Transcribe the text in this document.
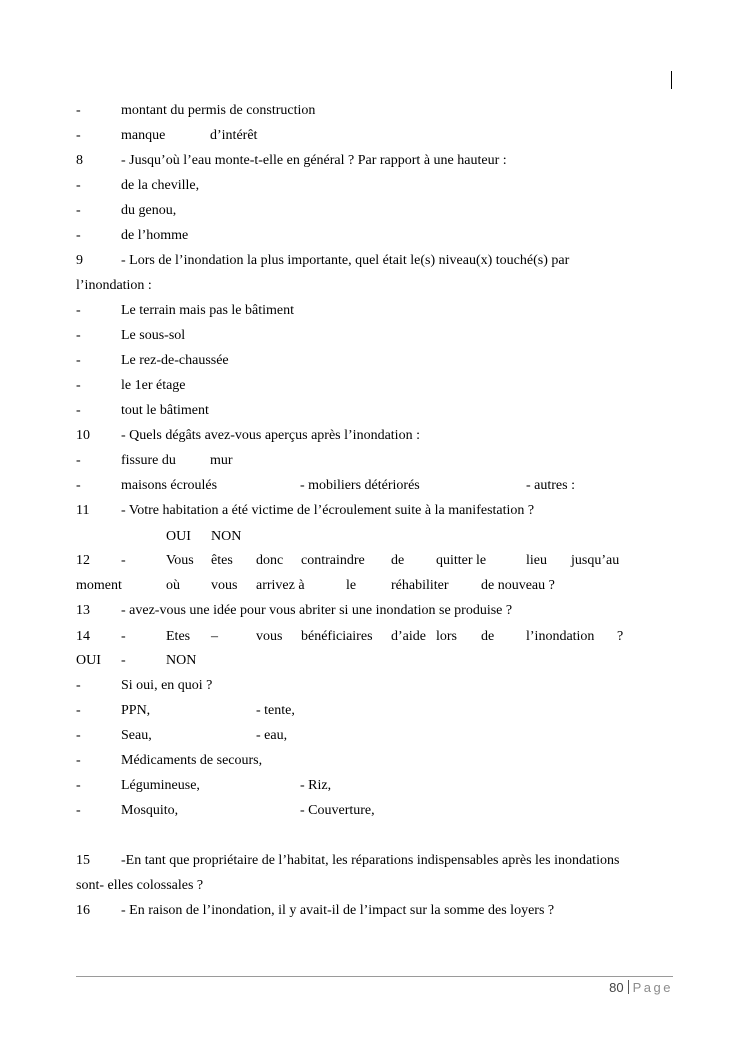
-	montant du permis de construction
-	manque	d’intérêt
8	- Jusqu’où l’eau monte-t-elle en général ? Par rapport à une hauteur :
-	de la cheville,
-	du genou,
-	de l’homme
9	- Lors de l’inondation la plus importante, quel était le(s) niveau(x) touché(s) par
l’inondation :
-	Le terrain mais pas le bâtiment
-	Le sous-sol
-	Le rez-de-chaussée
-	le 1er étage
-	tout le bâtiment
10 - Quels dégâts avez-vous aperçus après l’inondation :
-	fissure du mur
-	maisons écroulés	- mobiliers détériorés	- autres :
11 - Votre habitation a été victime de l’écroulement suite à la manifestation ?
OUI NON
12 -	Vous êtes donc contraindre de quitter le	lieu jusqu’au
moment	où vous arrivez à	le réhabiliter de nouveau ?
13 - avez-vous une idée pour vous abriter si une inondation se produise ?
14 -	Etes –	vous bénéficiaires d’aide lors de l’inondation ?
OUI -	NON
-	Si oui, en quoi ?
-	PPN,	- tente,
-	Seau,	- eau,
-	Médicaments de secours,
-	Légumineuse,	- Riz,
-	Mosquito,	- Couverture,
15 -En tant que propriétaire de l’habitat, les réparations indispensables après les inondations
sont- elles colossales ?
16 - En raison de l’inondation, il y avait-il de l’impact sur la somme des loyers ?
80 Page
